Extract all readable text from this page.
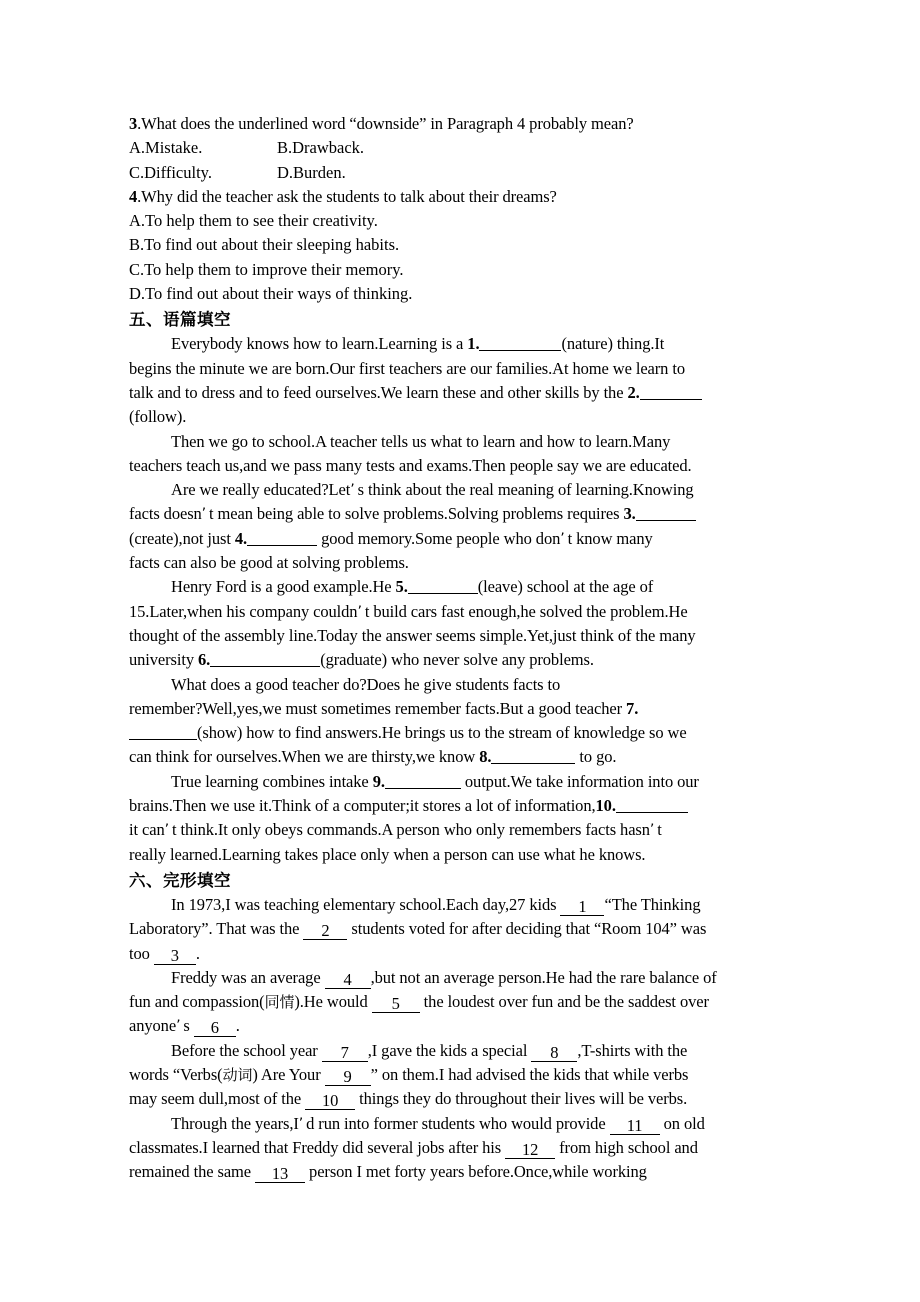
3.What does the underlined word “downside” in Paragraph 4 probably mean?
A.Mistake.	B.Drawback.
C.Difficulty.	D.Burden.
4.Why did the teacher ask the students to talk about their dreams?
A.To help them to see their creativity.
B.To find out about their sleeping habits.
C.To help them to improve their memory.
D.To find out about their ways of thinking.
五、语篇填空
Everybody knows how to learn.Learning is a 1.	(nature) thing.It
begins the minute we are born.Our first teachers are our families.At home we learn to
talk and to dress and to feed ourselves.We learn these and other skills by the 2.
(follow).
Then we go to school.A teacher tells us what to learn and how to learn.Many
teachers teach us,and we pass many tests and exams.Then people say we are educated.
Are we really educated?Let’ s think about the real meaning of learning.Knowing
facts doesn’ t mean being able to solve problems.Solving problems requires 3.
(create),not just 4.	good memory.Some people who don’ t know many
facts can also be good at solving problems.
Henry Ford is a good example.He 5.	(leave) school at the age of
15.Later,when his company couldn’ t build cars fast enough,he solved the problem.He
thought of the assembly line.Today the answer seems simple.Yet,just think of the many
university 6.	(graduate) who never solve any problems.
What does a good teacher do?Does he give students facts to
remember?Well,yes,we must sometimes remember facts.But a good teacher 7.
(show) how to find answers.He brings us to the stream of knowledge so we
can think for ourselves.When we are thirsty,we know 8.	to go.
True learning combines intake 9.	output.We take information into our
brains.Then we use it.Think of a computer;it stores a lot of information,10.
it can’ t think.It only obeys commands.A person who only remembers facts hasn’ t
really learned.Learning takes place only when a person can use what he knows.
六、完形填空
In 1973,I was teaching elementary school.Each day,27 kids 1 “The Thinking
Laboratory”. That was the 2 students voted for after deciding that “Room 104” was
too 3 .
Freddy was an average 4 ,but not an average person.He had the rare balance of
fun and compassion(同情).He would 5 the loudest over fun and be the saddest over
anyone’ s 6 .
Before the school year 7 ,I gave the kids a special 8 ,T-shirts with the
words “Verbs(动词) Are Your 9 ” on them.I had advised the kids that while verbs
may seem dull,most of the 10 things they do throughout their lives will be verbs.
Through the years,I’ d run into former students who would provide 11 on old
classmates.I learned that Freddy did several jobs after his 12 from high school and
remained the same 13 person I met forty years before.Once,while working
